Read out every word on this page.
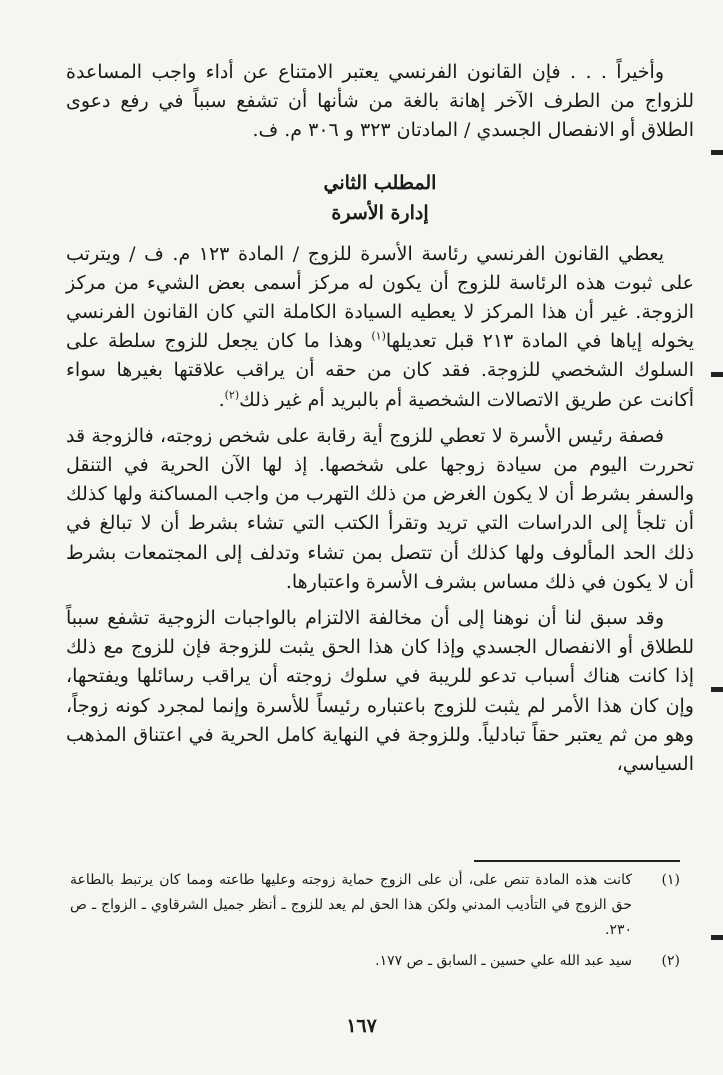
وأخيراً . . . فإن القانون الفرنسي يعتبر الامتناع عن أداء واجب المساعدة للزواج من الطرف الآخر إهانة بالغة من شأنها أن تشفع سبباً في رفع دعوى الطلاق أو الانفصال الجسدي / المادتان ٣٢٣ و ٣٠٦ م. ف.

المطلب الثاني

إدارة الأسرة

يعطي القانون الفرنسي رئاسة الأسرة للزوج / المادة ١٢٣ م. ف / ويترتب على ثبوت هذه الرئاسة للزوج أن يكون له مركز أسمى بعض الشيء من مركز الزوجة. غير أن هذا المركز لا يعطيه السيادة الكاملة التي كان القانون الفرنسي يخوله إياها في المادة ٢١٣ قبل تعديلها$^{(١)}$ وهذا ما كان يجعل للزوج سلطة على السلوك الشخصي للزوجة. فقد كان من حقه أن يراقب علاقتها بغيرها سواء أكانت عن طريق الاتصالات الشخصية أم بالبريد أم غير ذلك$^{(٢)}$.

فصفة رئيس الأسرة لا تعطي للزوج أية رقابة على شخص زوجته، فالزوجة قد تحررت اليوم من سيادة زوجها على شخصها. إذ لها الآن الحرية في التنقل والسفر بشرط أن لا يكون الغرض من ذلك التهرب من واجب المساكنة ولها كذلك أن تلجأ إلى الدراسات التي تريد وتقرأ الكتب التي تشاء بشرط أن لا تبالغ في ذلك الحد المألوف ولها كذلك أن تتصل بمن تشاء وتدلف إلى المجتمعات بشرط أن لا يكون في ذلك مساس بشرف الأسرة واعتبارها.

وقد سبق لنا أن نوهنا إلى أن مخالفة الالتزام بالواجبات الزوجية تشفع سبباً للطلاق أو الانفصال الجسدي وإذا كان هذا الحق يثبت للزوجة فإن للزوج مع ذلك إذا كانت هناك أسباب تدعو للريبة في سلوك زوجته أن يراقب رسائلها ويفتحها، وإن كان هذا الأمر لم يثبت للزوج باعتباره رئيساً للأسرة وإنما لمجرد كونه زوجاً، وهو من ثم يعتبر حقاً تبادلياً. وللزوجة في النهاية كامل الحرية في اعتناق المذهب السياسي،

(١)
كانت هذه المادة تنص على، أن على الزوج حماية زوجته وعليها طاعته ومما كان يرتبط بالطاعة حق الزوج في التأديب المدني ولكن هذا الحق لم يعد للزوج ـ أنظر جميل الشرقاوي ـ الزواج ـ ص ٢٣٠.
(٢)
سيد عبد الله علي حسين ـ السابق ـ ص ١٧٧.
١٦٧
